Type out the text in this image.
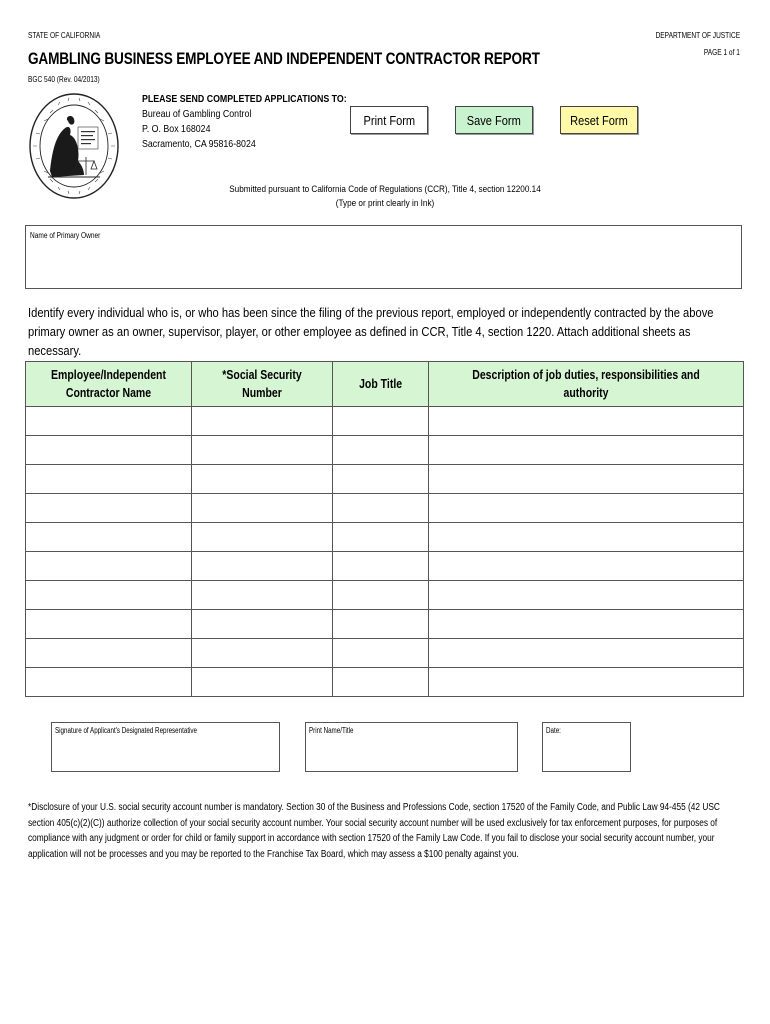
STATE OF CALIFORNIA	DEPARTMENT OF JUSTICE
PAGE 1 of 1
GAMBLING BUSINESS EMPLOYEE AND INDEPENDENT CONTRACTOR REPORT
BGC 540 (Rev. 04/2013)
PLEASE SEND COMPLETED APPLICATIONS TO:
Bureau of Gambling Control
P. O. Box 168024
Sacramento, CA 95816-8024
Print Form	Save Form	Reset Form
Submitted pursuant to California Code of Regulations (CCR), Title 4, section 12200.14
(Type or print clearly in Ink)
Name of Primary Owner
Identify every individual who is, or who has been since the filing of the previous report, employed or independently contracted by the above primary owner as an owner, supervisor, player, or other employee as defined in CCR, Title 4, section 1220. Attach additional sheets as necessary.
Employee/Independent Contractor Name	*Social Security Number	Job Title	Description of job duties, responsibilities and authority

Signature of Applicant's Designated Representative	Print Name/Title	Date:
*Disclosure of your U.S. social security account number is mandatory. Section 30 of the Business and Professions Code, section 17520 of the Family Code, and Public Law 94-455 (42 USC section 405(c)(2)(C)) authorize collection of your social security account number. Your social security account number will be used exclusively for tax enforcement purposes, for purposes of compliance with any judgment or order for child or family support in accordance with section 17520 of the Family Law Code. If you fail to disclose your social security account number, your application will not be processes and you may be reported to the Franchise Tax Board, which may assess a $100 penalty against you.
